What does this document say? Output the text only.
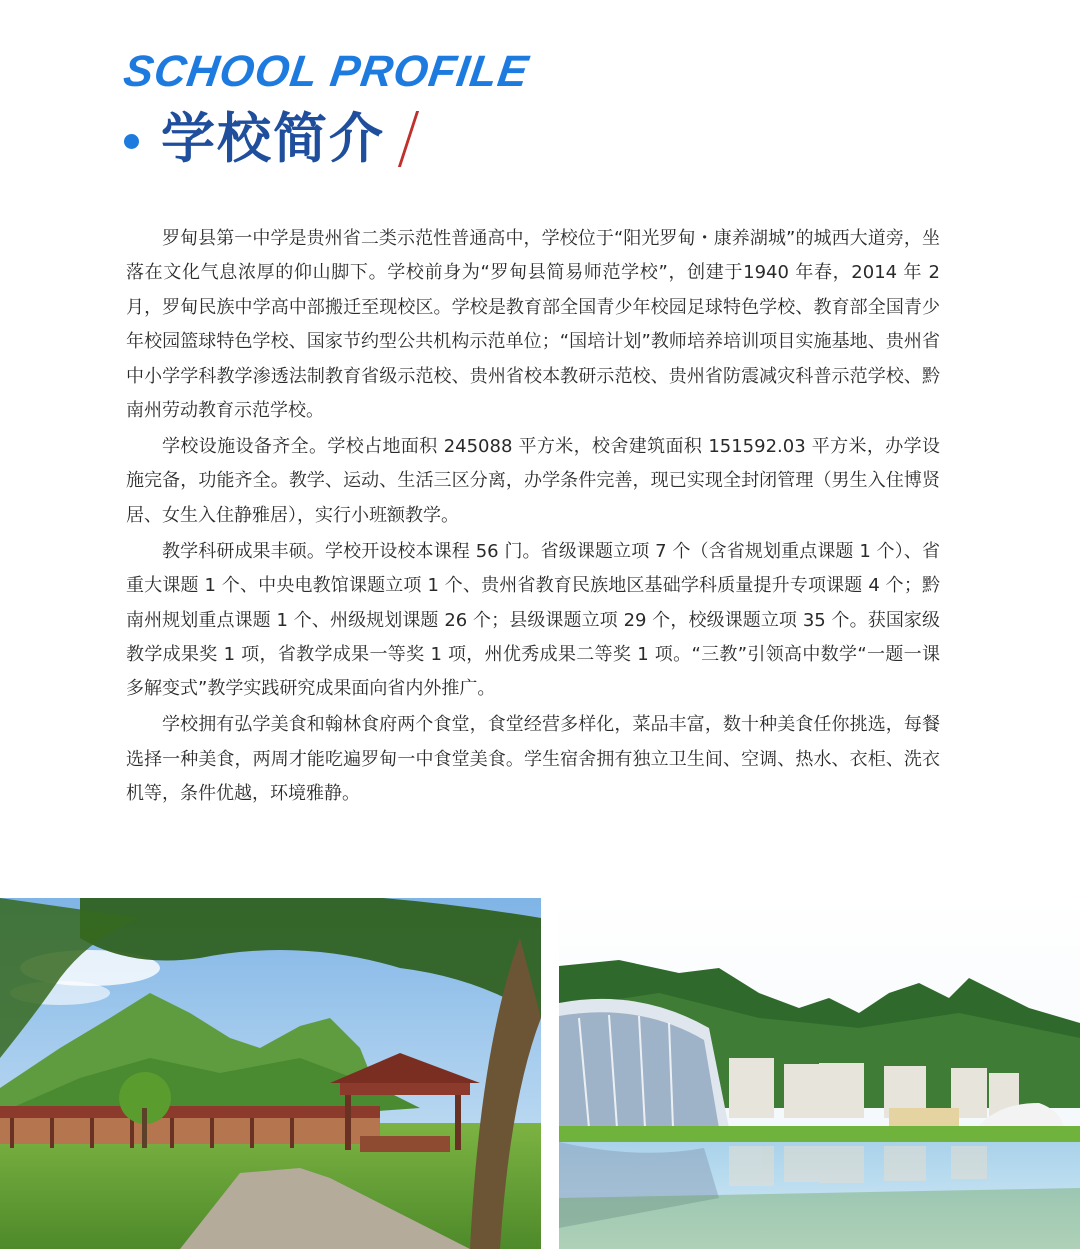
SCHOOL PROFILE
学校简介

罗甸县第一中学是贵州省二类示范性普通高中，学校位于“阳光罗甸・康养湖城”的城西大道旁，坐落在文化气息浓厚的仰山脚下。学校前身为“罗甸县简易师范学校”，创建于1940 年春，2014 年 2 月，罗甸民族中学高中部搬迁至现校区。学校是教育部全国青少年校园足球特色学校、教育部全国青少年校园篮球特色学校、国家节约型公共机构示范单位；“国培计划”教师培养培训项目实施基地、贵州省中小学学科教学渗透法制教育省级示范校、贵州省校本教研示范校、贵州省防震减灾科普示范学校、黔南州劳动教育示范学校。

学校设施设备齐全。学校占地面积 245088 平方米，校舍建筑面积 151592.03 平方米，办学设施完备，功能齐全。教学、运动、生活三区分离，办学条件完善，现已实现全封闭管理（男生入住博贤居、女生入住静雅居），实行小班额教学。

教学科研成果丰硕。学校开设校本课程 56 门。省级课题立项 7 个（含省规划重点课题 1 个）、省重大课题 1 个、中央电教馆课题立项 1 个、贵州省教育民族地区基础学科质量提升专项课题 4 个；黔南州规划重点课题 1 个、州级规划课题 26 个；县级课题立项 29 个，校级课题立项 35 个。获国家级教学成果奖 1 项，省教学成果一等奖 1 项，州优秀成果二等奖 1 项。“三教”引领高中数学“一题一课多解变式”教学实践研究成果面向省内外推广。

学校拥有弘学美食和翰林食府两个食堂，食堂经营多样化，菜品丰富，数十种美食任你挑选，每餐选择一种美食，两周才能吃遍罗甸一中食堂美食。学生宿舍拥有独立卫生间、空调、热水、衣柜、洗衣机等，条件优越，环境雅静。
